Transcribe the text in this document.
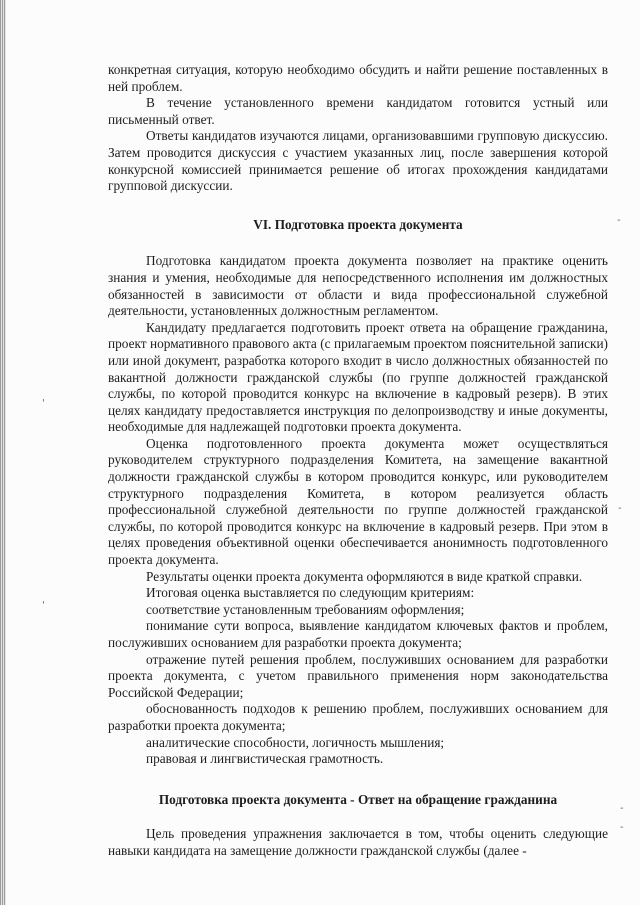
конкретная ситуация, которую необходимо обсудить и найти решение поставленных в ней проблем.

В течение установленного времени кандидатом готовится устный или письменный ответ.

Ответы кандидатов изучаются лицами, организовавшими групповую дискуссию. Затем проводится дискуссия с участием указанных лиц, после завершения которой конкурсной комиссией принимается решение об итогах прохождения кандидатами групповой дискуссии.

VI. Подготовка проекта документа

Подготовка кандидатом проекта документа позволяет на практике оценить знания и умения, необходимые для непосредственного исполнения им должностных обязанностей в зависимости от области и вида профессиональной служебной деятельности, установленных должностным регламентом.

Кандидату предлагается подготовить проект ответа на обращение гражданина, проект нормативного правового акта (с прилагаемым проектом пояснительной записки) или иной документ, разработка которого входит в число должностных обязанностей по вакантной должности гражданской службы (по группе должностей гражданской службы, по которой проводится конкурс на включение в кадровый резерв). В этих целях кандидату предоставляется инструкция по делопроизводству и иные документы, необходимые для надлежащей подготовки проекта документа.

Оценка подготовленного проекта документа может осуществляться руководителем структурного подразделения Комитета, на замещение вакантной должности гражданской службы в котором проводится конкурс, или руководителем структурного подразделения Комитета, в котором реализуется область профессиональной служебной деятельности по группе должностей гражданской службы, по которой проводится конкурс на включение в кадровый резерв. При этом в целях проведения объективной оценки обеспечивается анонимность подготовленного проекта документа.

Результаты оценки проекта документа оформляются в виде краткой справки.

Итоговая оценка выставляется по следующим критериям:

соответствие установленным требованиям оформления;

понимание сути вопроса, выявление кандидатом ключевых фактов и проблем, послуживших основанием для разработки проекта документа;

отражение путей решения проблем, послуживших основанием для разработки проекта документа, с учетом правильного применения норм законодательства Российской Федерации;

обоснованность подходов к решению проблем, послуживших основанием для разработки проекта документа;

аналитические способности, логичность мышления;

правовая и лингвистическая грамотность.

Подготовка проекта документа - Ответ на обращение гражданина

Цель проведения упражнения заключается в том, чтобы оценить следующие навыки кандидата на замещение должности гражданской службы (далее -

-
-
-
-
'
'
